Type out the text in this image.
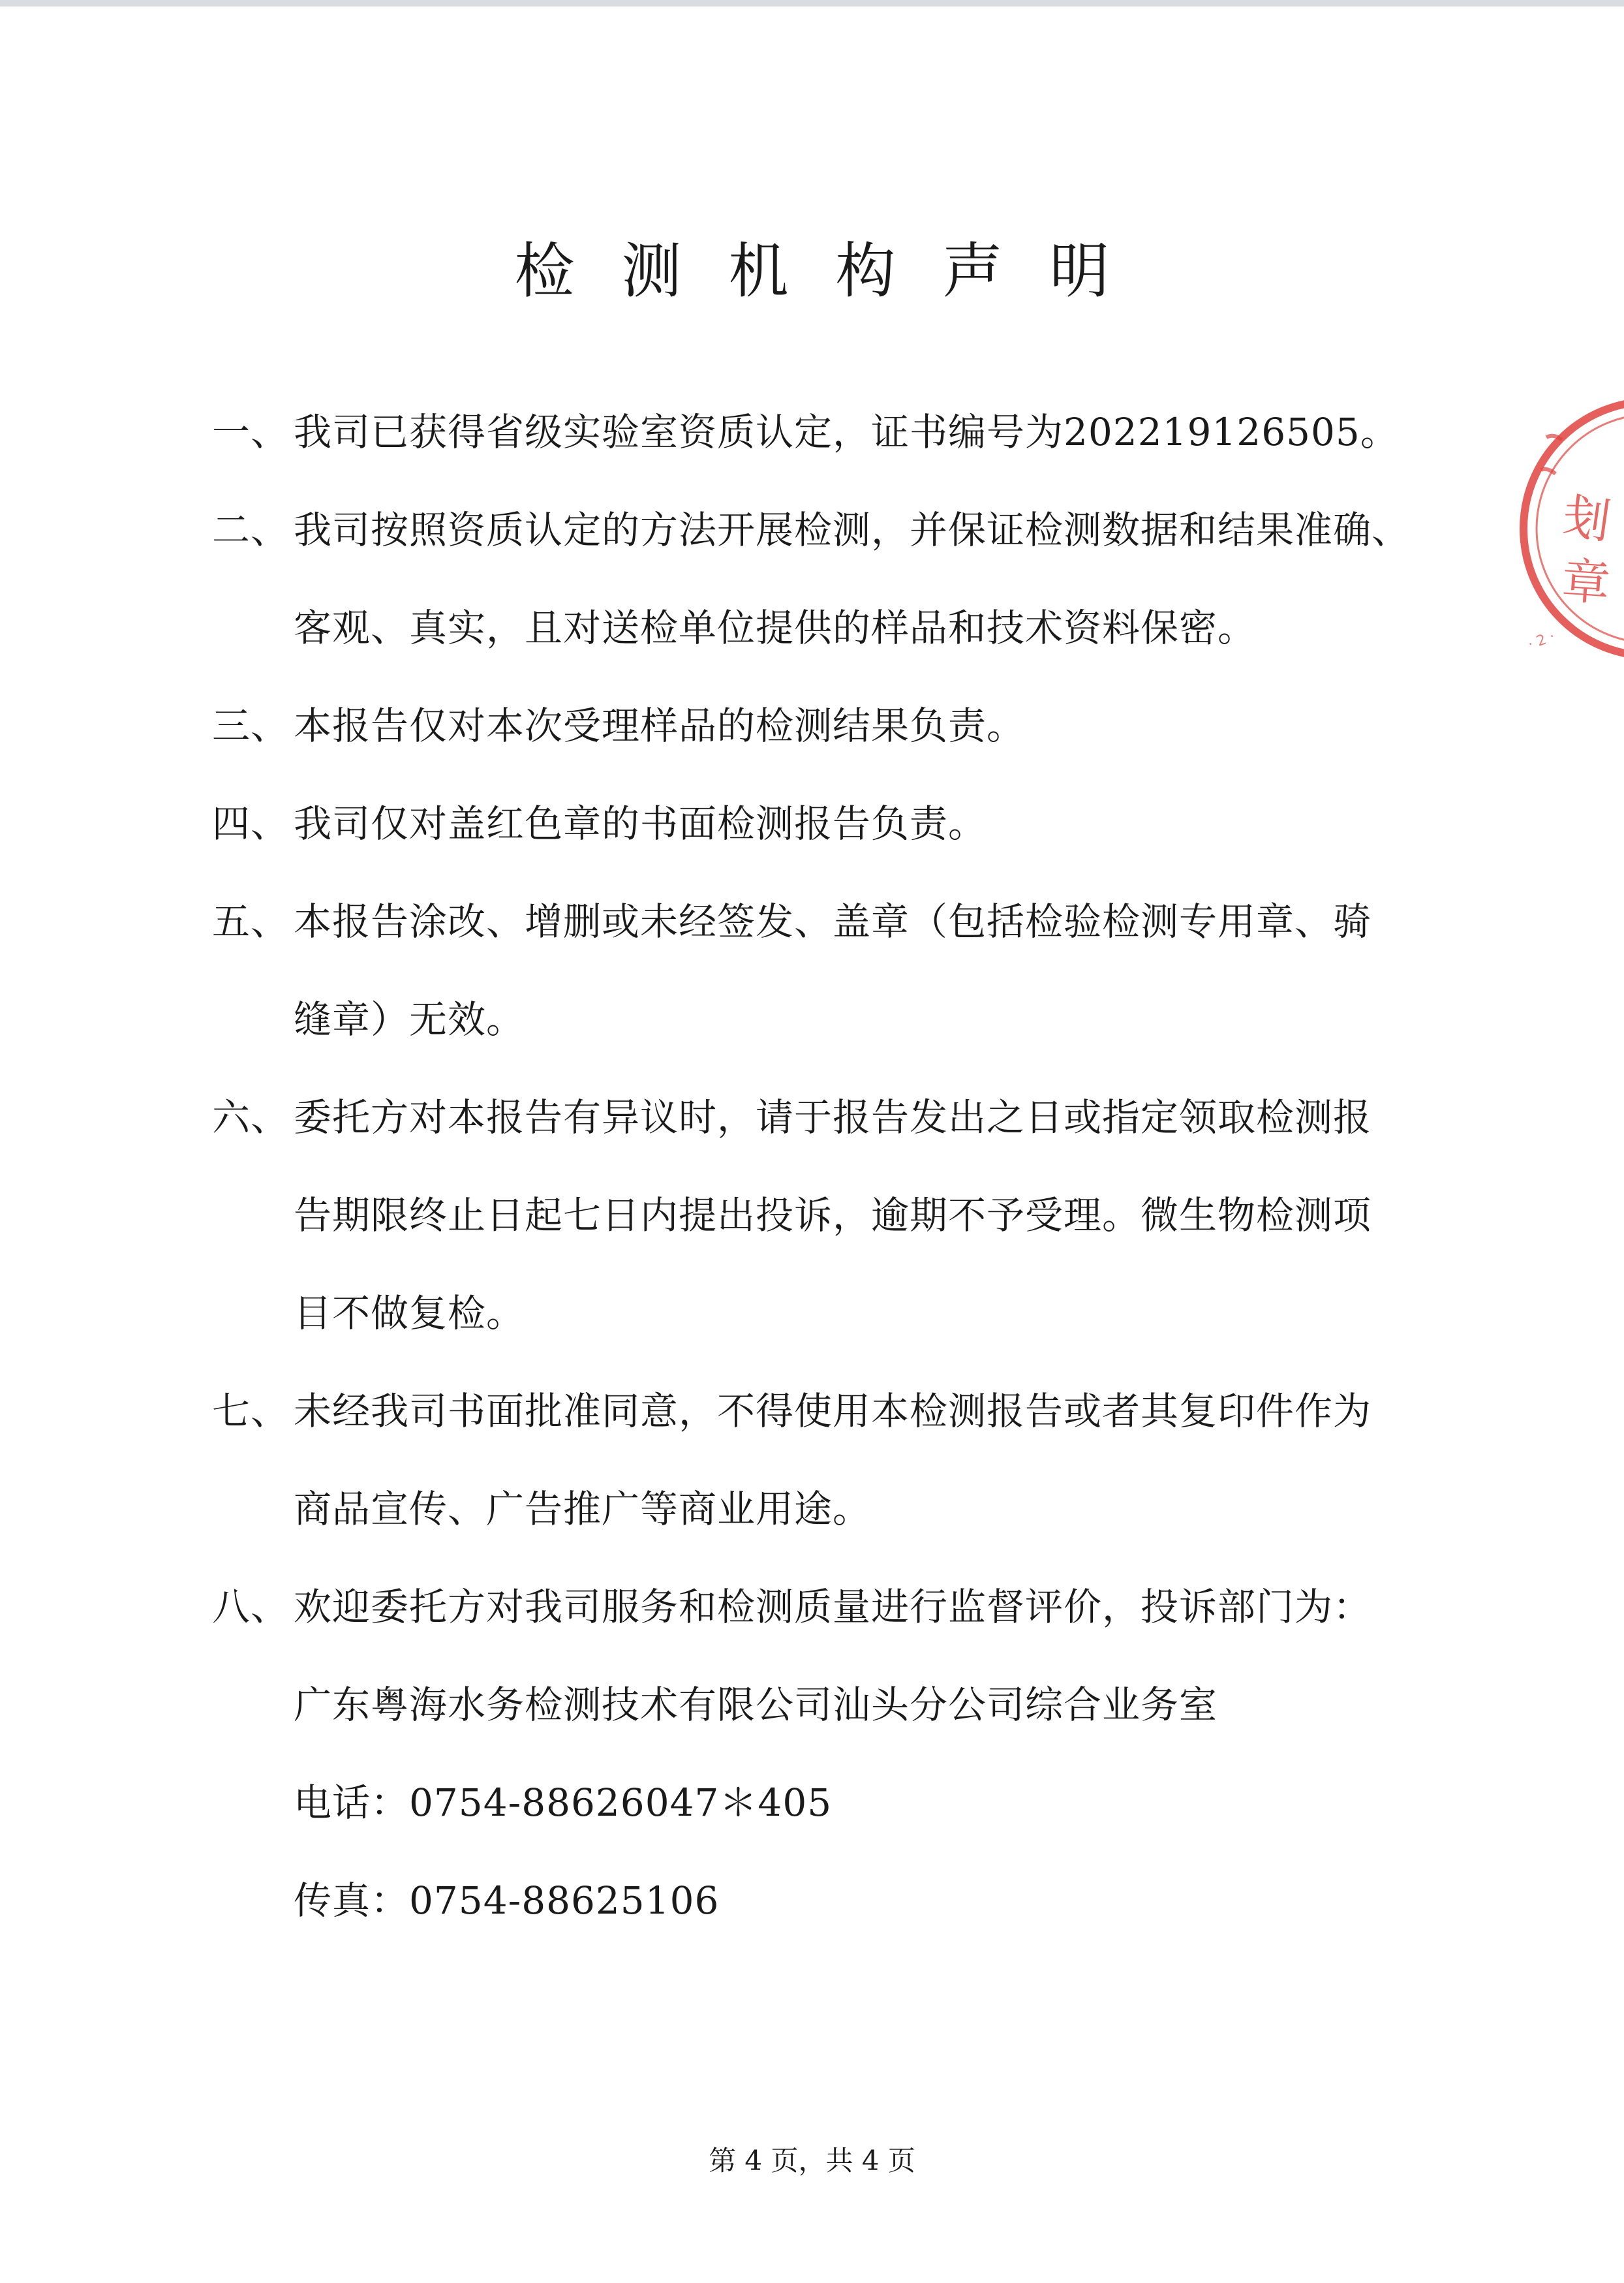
检测机构声明
一、 我司已获得省级实验室资质认定，证书编号为202219126505。
二、 我司按照资质认定的方法开展检测，并保证检测数据和结果准确、
客观、真实，且对送检单位提供的样品和技术资料保密。
三、 本报告仅对本次受理样品的检测结果负责。
四、 我司仅对盖红色章的书面检测报告负责。
五、 本报告涂改、增删或未经签发、盖章（包括检验检测专用章、骑
缝章）无效。
六、 委托方对本报告有异议时，请于报告发出之日或指定领取检测报
告期限终止日起七日内提出投诉，逾期不予受理。微生物检测项
目不做复检。
七、 未经我司书面批准同意，不得使用本检测报告或者其复印件作为
商品宣传、广告推广等商业用途。
八、 欢迎委托方对我司服务和检测质量进行监督评价，投诉部门为：
广东粤海水务检测技术有限公司汕头分公司综合业务室
电话：0754-88626047＊405
传真：0754-88625106
刬
章
· 2 ·
第 4 页，共 4 页
